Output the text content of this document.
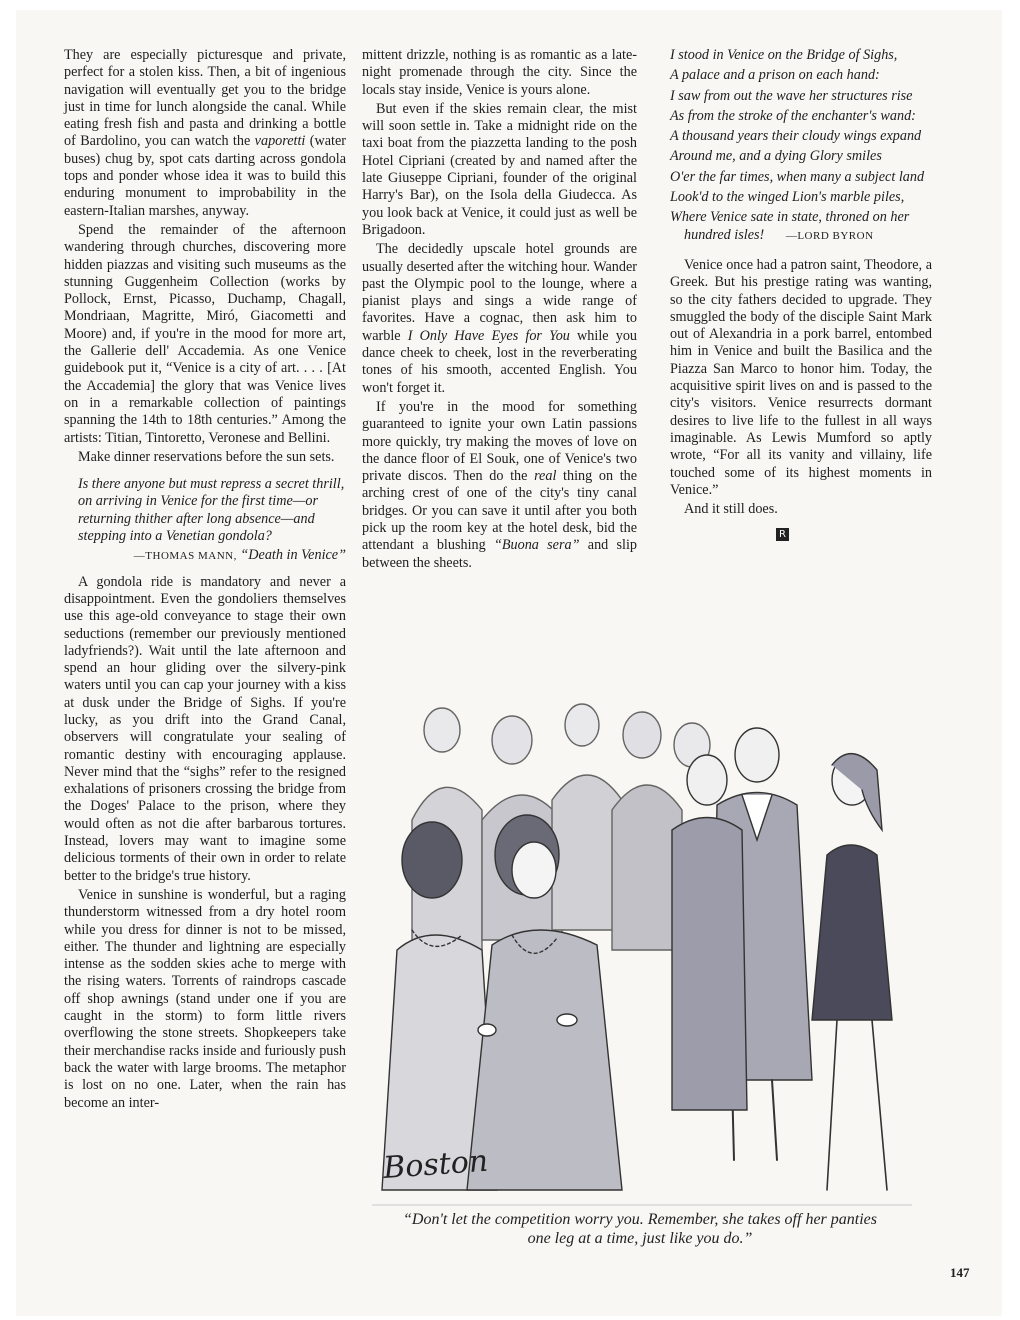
They are especially picturesque and private, perfect for a stolen kiss. Then, a bit of ingenious navigation will eventually get you to the bridge just in time for lunch alongside the canal. While eating fresh fish and pasta and drinking a bottle of Bardolino, you can watch the vaporetti (water buses) chug by, spot cats darting across gondola tops and ponder whose idea it was to build this enduring monument to improbability in the eastern-Italian marshes, anyway.

Spend the remainder of the afternoon wandering through churches, discovering more hidden piazzas and visiting such museums as the stunning Guggenheim Collection (works by Pollock, Ernst, Picasso, Duchamp, Chagall, Mondriaan, Magritte, Miró, Giacometti and Moore) and, if you're in the mood for more art, the Gallerie dell' Accademia. As one Venice guidebook put it, “Venice is a city of art. . . . [At the Accademia] the glory that was Venice lives on in a remarkable collection of paintings spanning the 14th to 18th centuries.” Among the artists: Titian, Tintoretto, Veronese and Bellini.

Make dinner reservations before the sun sets.

Is there anyone but must repress a secret thrill, on arriving in Venice for the first time—or returning thither after long absence—and stepping into a Venetian gondola?
—THOMAS MANN, “Death in Venice”

A gondola ride is mandatory and never a disappointment. Even the gondoliers themselves use this age-old conveyance to stage their own seductions (remember our previously mentioned ladyfriends?). Wait until the late afternoon and spend an hour gliding over the silvery-pink waters until you can cap your journey with a kiss at dusk under the Bridge of Sighs. If you're lucky, as you drift into the Grand Canal, observers will congratulate your sealing of romantic destiny with encouraging applause. Never mind that the “sighs” refer to the resigned exhalations of prisoners crossing the bridge from the Doges' Palace to the prison, where they would often as not die after barbarous tortures. Instead, lovers may want to imagine some delicious torments of their own in order to relate better to the bridge's true history.

Venice in sunshine is wonderful, but a raging thunderstorm witnessed from a dry hotel room while you dress for dinner is not to be missed, either. The thunder and lightning are especially intense as the sodden skies ache to merge with the rising waters. Torrents of raindrops cascade off shop awnings (stand under one if you are caught in the storm) to form little rivers overflowing the stone streets. Shopkeepers take their merchandise racks inside and furiously push back the water with large brooms. The metaphor is lost on no one. Later, when the rain has become an inter-

mittent drizzle, nothing is as romantic as a late-night promenade through the city. Since the locals stay inside, Venice is yours alone.

But even if the skies remain clear, the mist will soon settle in. Take a midnight ride on the taxi boat from the piazzetta landing to the posh Hotel Cipriani (created by and named after the late Giuseppe Cipriani, founder of the original Harry's Bar), on the Isola della Giudecca. As you look back at Venice, it could just as well be Brigadoon.

The decidedly upscale hotel grounds are usually deserted after the witching hour. Wander past the Olympic pool to the lounge, where a pianist plays and sings a wide range of favorites. Have a cognac, then ask him to warble I Only Have Eyes for You while you dance cheek to cheek, lost in the reverberating tones of his smooth, accented English. You won't forget it.

If you're in the mood for something guaranteed to ignite your own Latin passions more quickly, try making the moves of love on the dance floor of El Souk, one of Venice's two private discos. Then do the real thing on the arching crest of one of the city's tiny canal bridges. Or you can save it until after you both pick up the room key at the hotel desk, bid the attendant a blushing “Buona sera” and slip between the sheets.

I stood in Venice on the Bridge of Sighs,
A palace and a prison on each hand:
I saw from out the wave her structures rise
As from the stroke of the enchanter's wand:
A thousand years their cloudy wings expand
Around me, and a dying Glory smiles
O'er the far times, when many a subject land
Look'd to the winged Lion's marble piles,
Where Venice sate in state, throned on her hundred isles! —LORD BYRON

Venice once had a patron saint, Theodore, a Greek. But his prestige rating was wanting, so the city fathers decided to upgrade. They smuggled the body of the disciple Saint Mark out of Alexandria in a pork barrel, entombed him in Venice and built the Basilica and the Piazza San Marco to honor him. Today, the acquisitive spirit lives on and is passed to the city's visitors. Venice resurrects dormant desires to live life to the fullest in all ways imaginable. As Lewis Mumford so aptly wrote, “For all its vanity and villainy, life touched some of its highest moments in Venice.”

And it still does.

R
Boston
“Don't let the competition worry you. Remember, she takes off her panties one leg at a time, just like you do.”
147
